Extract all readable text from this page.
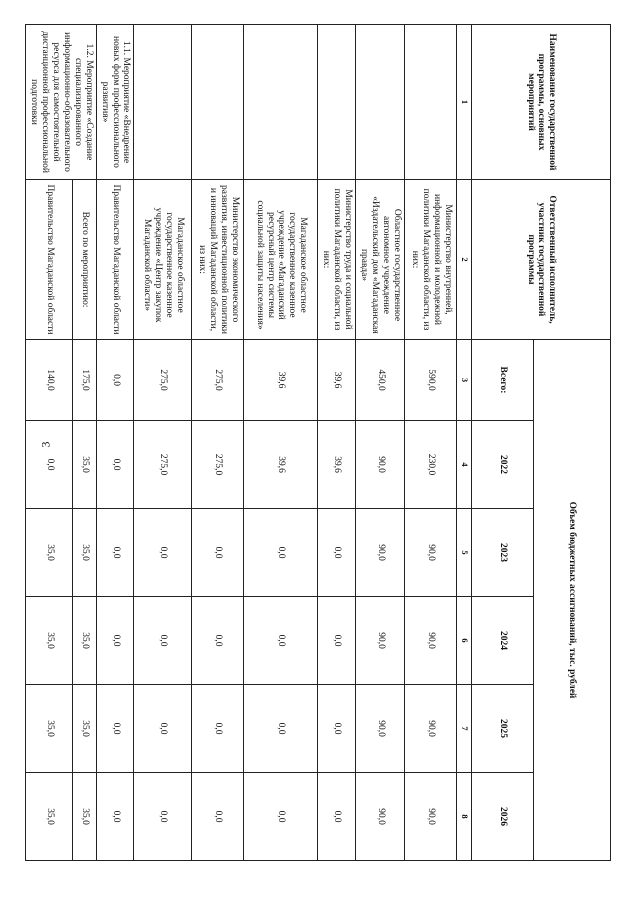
3
Наименование государственной программы, основных мероприятий	Ответственный исполнитель, участник государственной программы	Объем бюджетных ассигнований, тыс. рублей					
		Всего:	2022	2023	2024	2025	2026
1	2	3	4	5	6	7	8
	Министерство внутренней, информационной и молодежной политики Магаданской области, из них:	590,0	230,0	90,0	90,0	90,0	90,0
	Областное государственное автономное учреждение «Издательский дом «Магаданская правда»	450,0	90,0	90,0	90,0	90,0	90,0
	Министерство труда и социальной политики Магаданской области, из них:	39,6	39,6	0,0	0,0	0,0	0,0
	Магаданское областное государственное казенное учреждение «Магаданский ресурсный центр системы социальной защиты населения»	39,6	39,6	0,0	0,0	0,0	0,0
	Министерство экономического развития, инвестиционной политики и инноваций Магаданской области, из них:	275,0	275,0	0,0	0,0	0,0	0,0
	Магаданское областное государственное казенное учреждение «Центр закупок Магаданской области»	275,0	275,0	0,0	0,0	0,0	0,0
1.1. Мероприятие «Внедрение новых форм профессионального развития»	Правительство Магаданской области	0,0	0,0	0,0	0,0	0,0	0,0
1.2. Мероприятие «Создание специализированного информационно-образовательного ресурса для самостоятельной дистанционной профессиональной подготовки	Всего по мероприятию:	175,0	35,0	35,0	35,0	35,0	35,0
	Правительство Магаданской области	140,0	0,0	35,0	35,0	35,0	35,0
